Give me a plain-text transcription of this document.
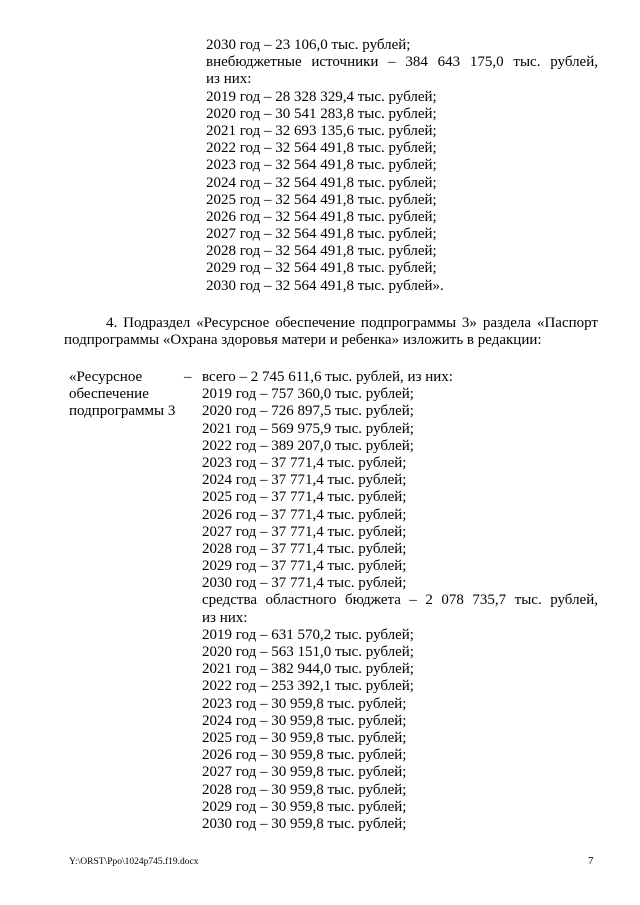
2030 год – 23 106,0 тыс. рублей;
внебюджетные источники – 384 643 175,0 тыс. рублей,
из них:
2019 год – 28 328 329,4 тыс. рублей;
2020 год – 30 541 283,8 тыс. рублей;
2021 год – 32 693 135,6 тыс. рублей;
2022 год – 32 564 491,8 тыс. рублей;
2023 год – 32 564 491,8 тыс. рублей;
2024 год – 32 564 491,8 тыс. рублей;
2025 год – 32 564 491,8 тыс. рублей;
2026 год – 32 564 491,8 тыс. рублей;
2027 год – 32 564 491,8 тыс. рублей;
2028 год – 32 564 491,8 тыс. рублей;
2029 год – 32 564 491,8 тыс. рублей;
2030 год – 32 564 491,8 тыс. рублей».
4. Подраздел «Ресурсное обеспечение подпрограммы 3» раздела «Паспорт
подпрограммы «Охрана здоровья матери и ребенка» изложить в редакции:
«Ресурсное
обеспечение
подпрограммы 3
– всего – 2 745 611,6 тыс. рублей, из них:
2019 год – 757 360,0 тыс. рублей;
2020 год – 726 897,5 тыс. рублей;
2021 год – 569 975,9 тыс. рублей;
2022 год – 389 207,0 тыс. рублей;
2023 год – 37 771,4 тыс. рублей;
2024 год – 37 771,4 тыс. рублей;
2025 год – 37 771,4 тыс. рублей;
2026 год – 37 771,4 тыс. рублей;
2027 год – 37 771,4 тыс. рублей;
2028 год – 37 771,4 тыс. рублей;
2029 год – 37 771,4 тыс. рублей;
2030 год – 37 771,4 тыс. рублей;
средства областного бюджета – 2 078 735,7 тыс. рублей,
из них:
2019 год – 631 570,2 тыс. рублей;
2020 год – 563 151,0 тыс. рублей;
2021 год – 382 944,0 тыс. рублей;
2022 год – 253 392,1 тыс. рублей;
2023 год – 30 959,8 тыс. рублей;
2024 год – 30 959,8 тыс. рублей;
2025 год – 30 959,8 тыс. рублей;
2026 год – 30 959,8 тыс. рублей;
2027 год – 30 959,8 тыс. рублей;
2028 год – 30 959,8 тыс. рублей;
2029 год – 30 959,8 тыс. рублей;
2030 год – 30 959,8 тыс. рублей;
Y:\ORST\Ppo\1024p745.f19.docx	7
